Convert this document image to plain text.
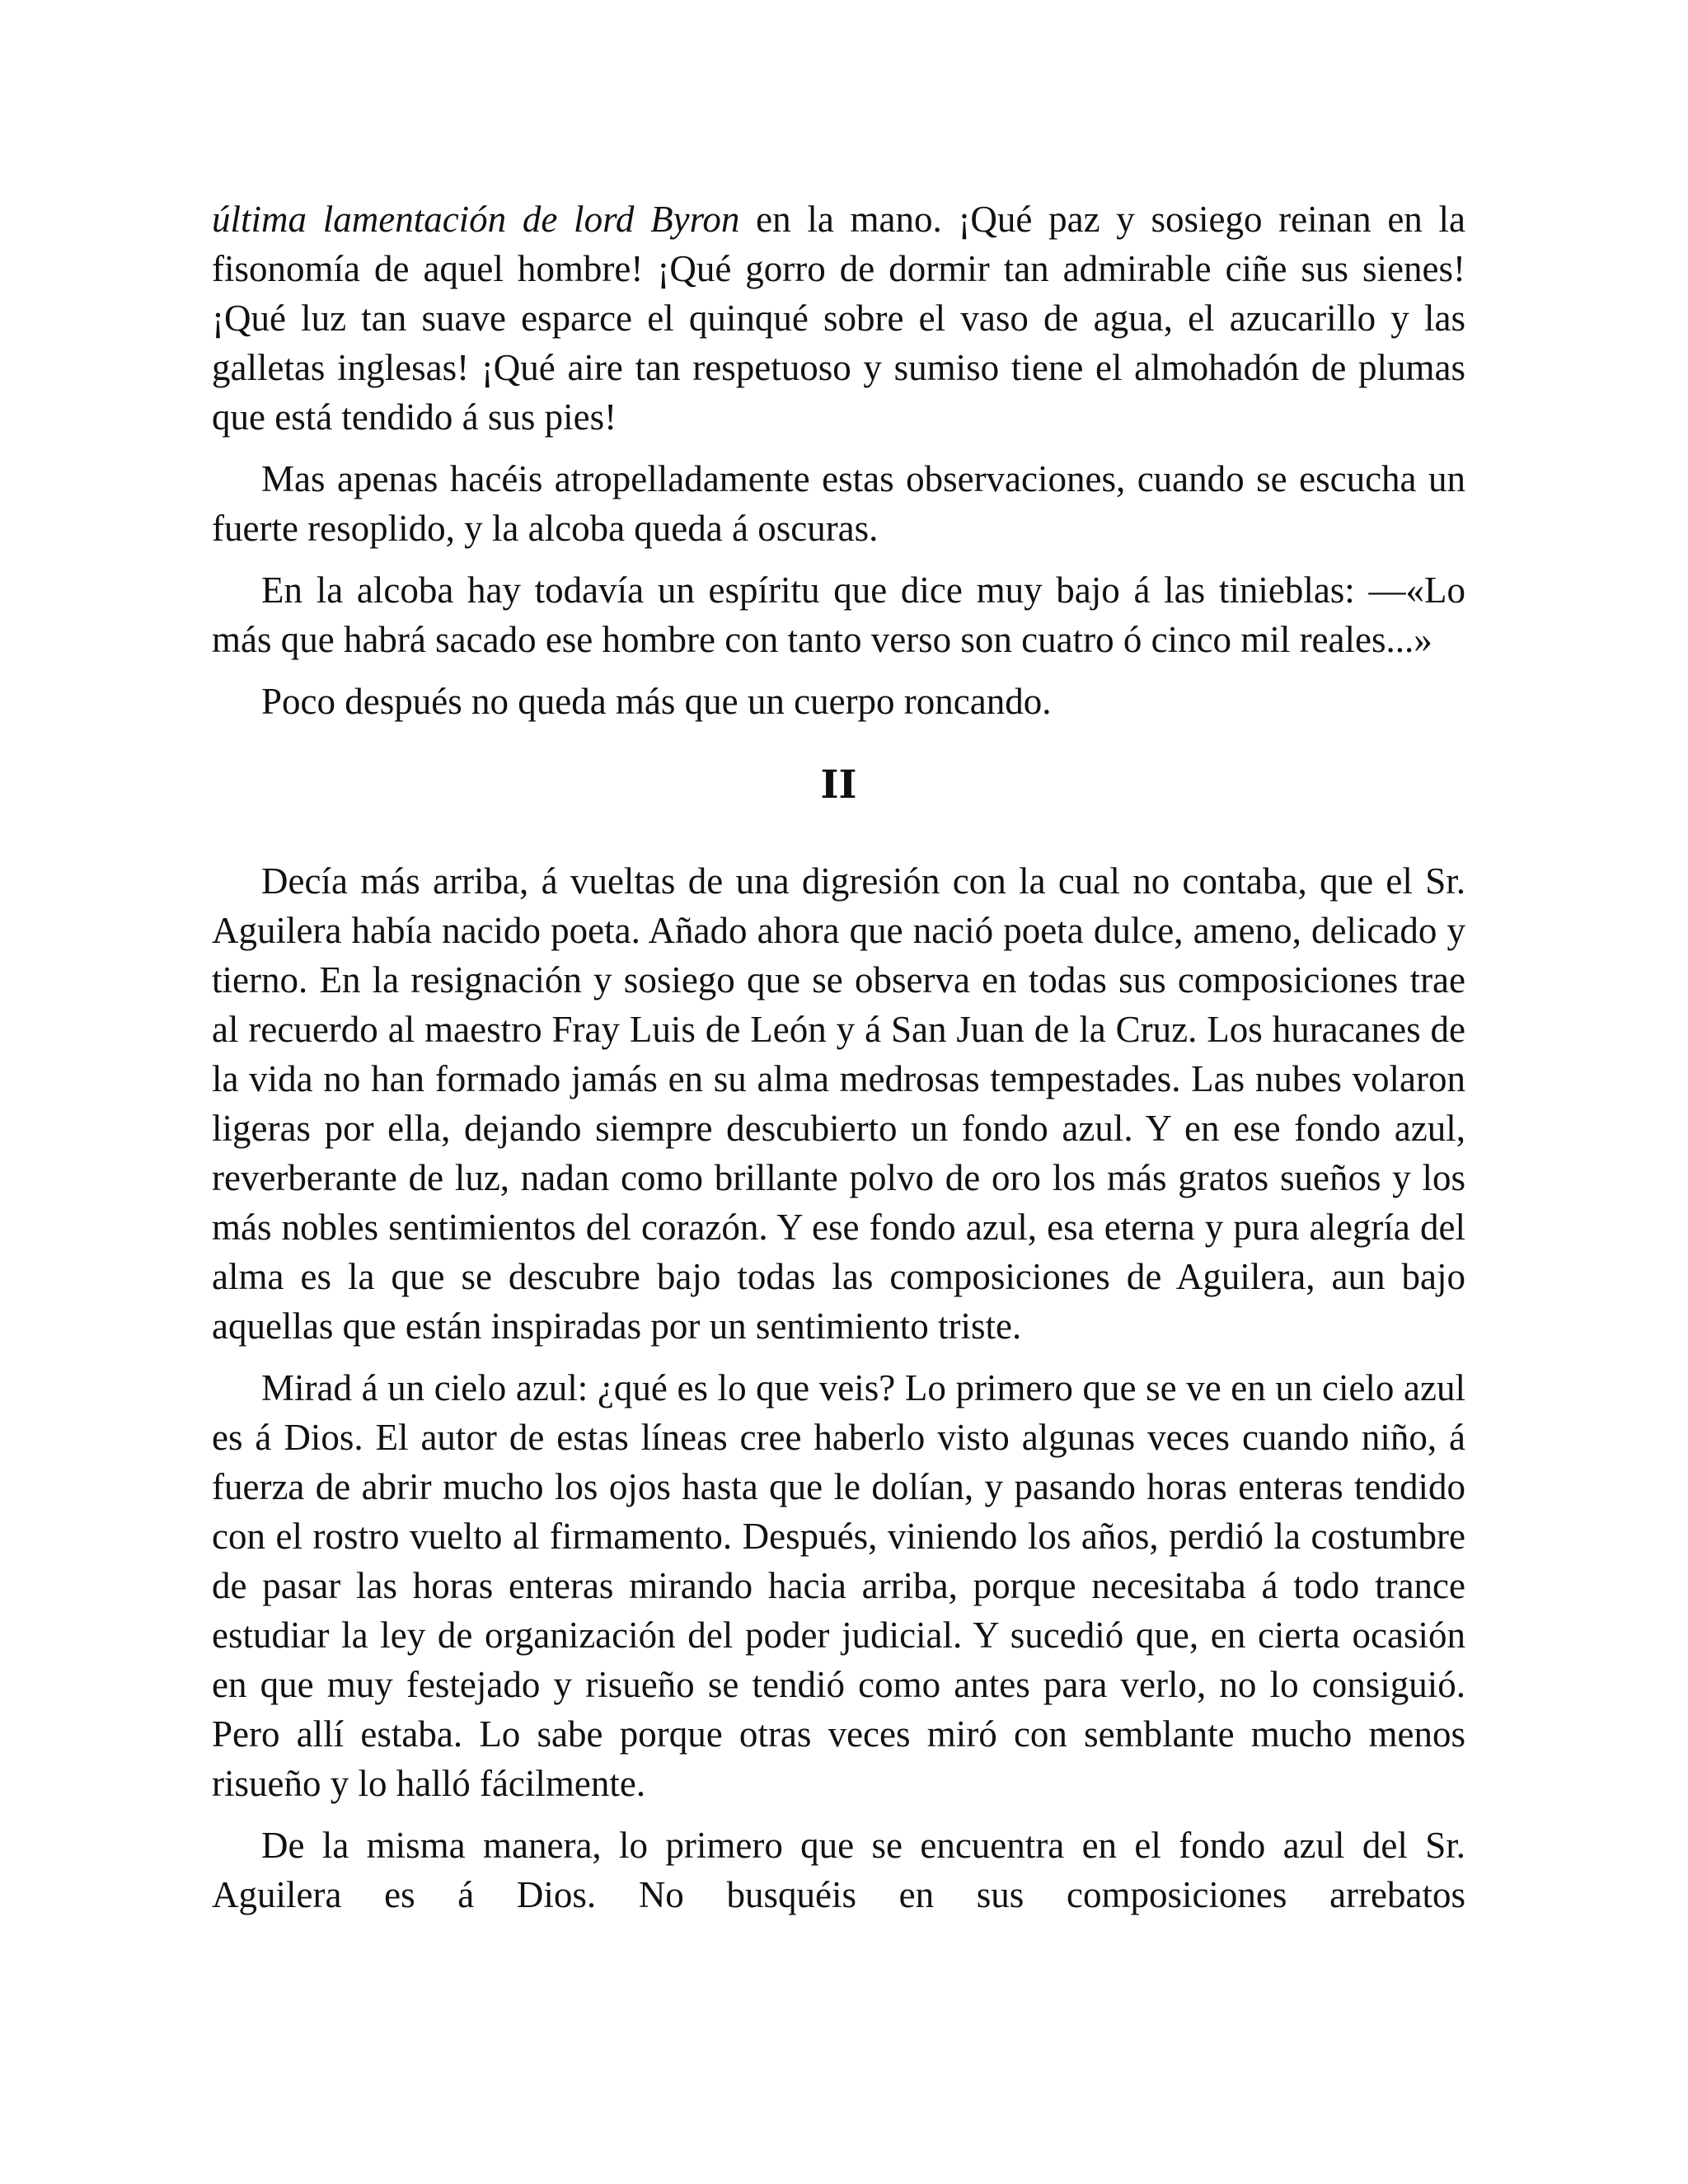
última lamentación de lord Byron en la mano. ¡Qué paz y sosiego reinan en la fisonomía de aquel hombre! ¡Qué gorro de dormir tan admirable ciñe sus sienes! ¡Qué luz tan suave esparce el quinqué sobre el vaso de agua, el azucarillo y las galletas inglesas! ¡Qué aire tan respetuoso y sumiso tiene el almohadón de plumas que está tendido á sus pies!

Mas apenas hacéis atropelladamente estas observaciones, cuando se escucha un fuerte resoplido, y la alcoba queda á oscuras.

En la alcoba hay todavía un espíritu que dice muy bajo á las tinieblas: —«Lo más que habrá sacado ese hombre con tanto verso son cuatro ó cinco mil reales...»

Poco después no queda más que un cuerpo roncando.

II

Decía más arriba, á vueltas de una digresión con la cual no contaba, que el Sr. Aguilera había nacido poeta. Añado ahora que nació poeta dulce, ameno, delicado y tierno. En la resignación y sosiego que se observa en todas sus composiciones trae al recuerdo al maestro Fray Luis de León y á San Juan de la Cruz. Los huracanes de la vida no han formado jamás en su alma medrosas tempestades. Las nubes volaron ligeras por ella, dejando siempre descubierto un fondo azul. Y en ese fondo azul, reverberante de luz, nadan como brillante polvo de oro los más gratos sueños y los más nobles sentimientos del corazón. Y ese fondo azul, esa eterna y pura alegría del alma es la que se descubre bajo todas las composiciones de Aguilera, aun bajo aquellas que están inspiradas por un sentimiento triste.

Mirad á un cielo azul: ¿qué es lo que veis? Lo primero que se ve en un cielo azul es á Dios. El autor de estas líneas cree haberlo visto algunas veces cuando niño, á fuerza de abrir mucho los ojos hasta que le dolían, y pasando horas enteras tendido con el rostro vuelto al firmamento. Después, viniendo los años, perdió la costumbre de pasar las horas enteras mirando hacia arriba, porque necesitaba á todo trance estudiar la ley de organización del poder judicial. Y sucedió que, en cierta ocasión en que muy festejado y risueño se tendió como antes para verlo, no lo consiguió. Pero allí estaba. Lo sabe porque otras veces miró con semblante mucho menos risueño y lo halló fácilmente.

De la misma manera, lo primero que se encuentra en el fondo azul del Sr. Aguilera es á Dios. No busquéis en sus composiciones arrebatos
